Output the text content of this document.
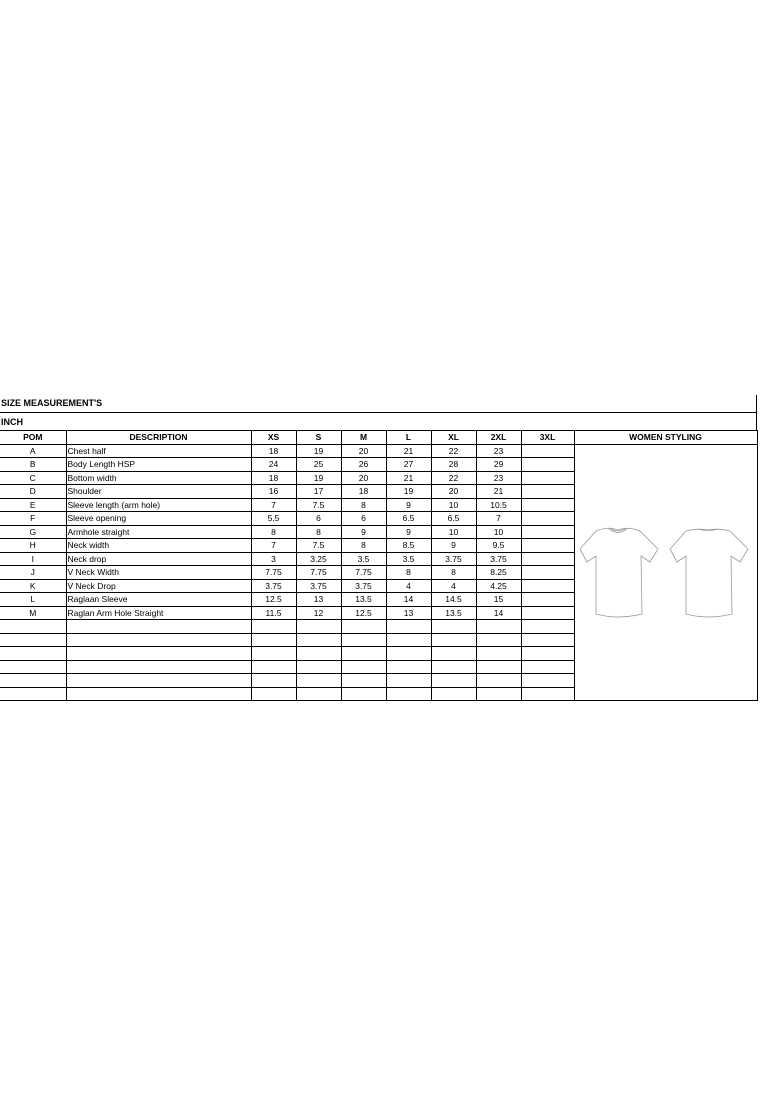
SIZE MEASUREMENT'S
INCH
POM	DESCRIPTION	XS	S	M	L	XL	2XL	3XL	WOMEN STYLING
A	Chest half	18	19	20	21	22	23		

B	Body Length HSP	24	25	26	27	28	29		
C	Bottom width	18	19	20	21	22	23		
D	Shoulder	16	17	18	19	20	21		
E	Sleeve length (arm hole)	7	7.5	8	9	10	10.5		
F	Sleeve opening	5.5	6	6	6.5	6.5	7		
G	Armhole straight	8	8	9	9	10	10		
H	Neck width	7	7.5	8	8.5	9	9.5		
I	Neck drop	3	3.25	3.5	3.5	3.75	3.75		
J	V Neck Width	7.75	7.75	7.75	8	8	8.25		
K	V Neck Drop	3.75	3.75	3.75	4	4	4.25		
L	Raglaan Sleeve	12.5	13	13.5	14	14.5	15		
M	Raglan Arm Hole Straight	11.5	12	12.5	13	13.5	14		
